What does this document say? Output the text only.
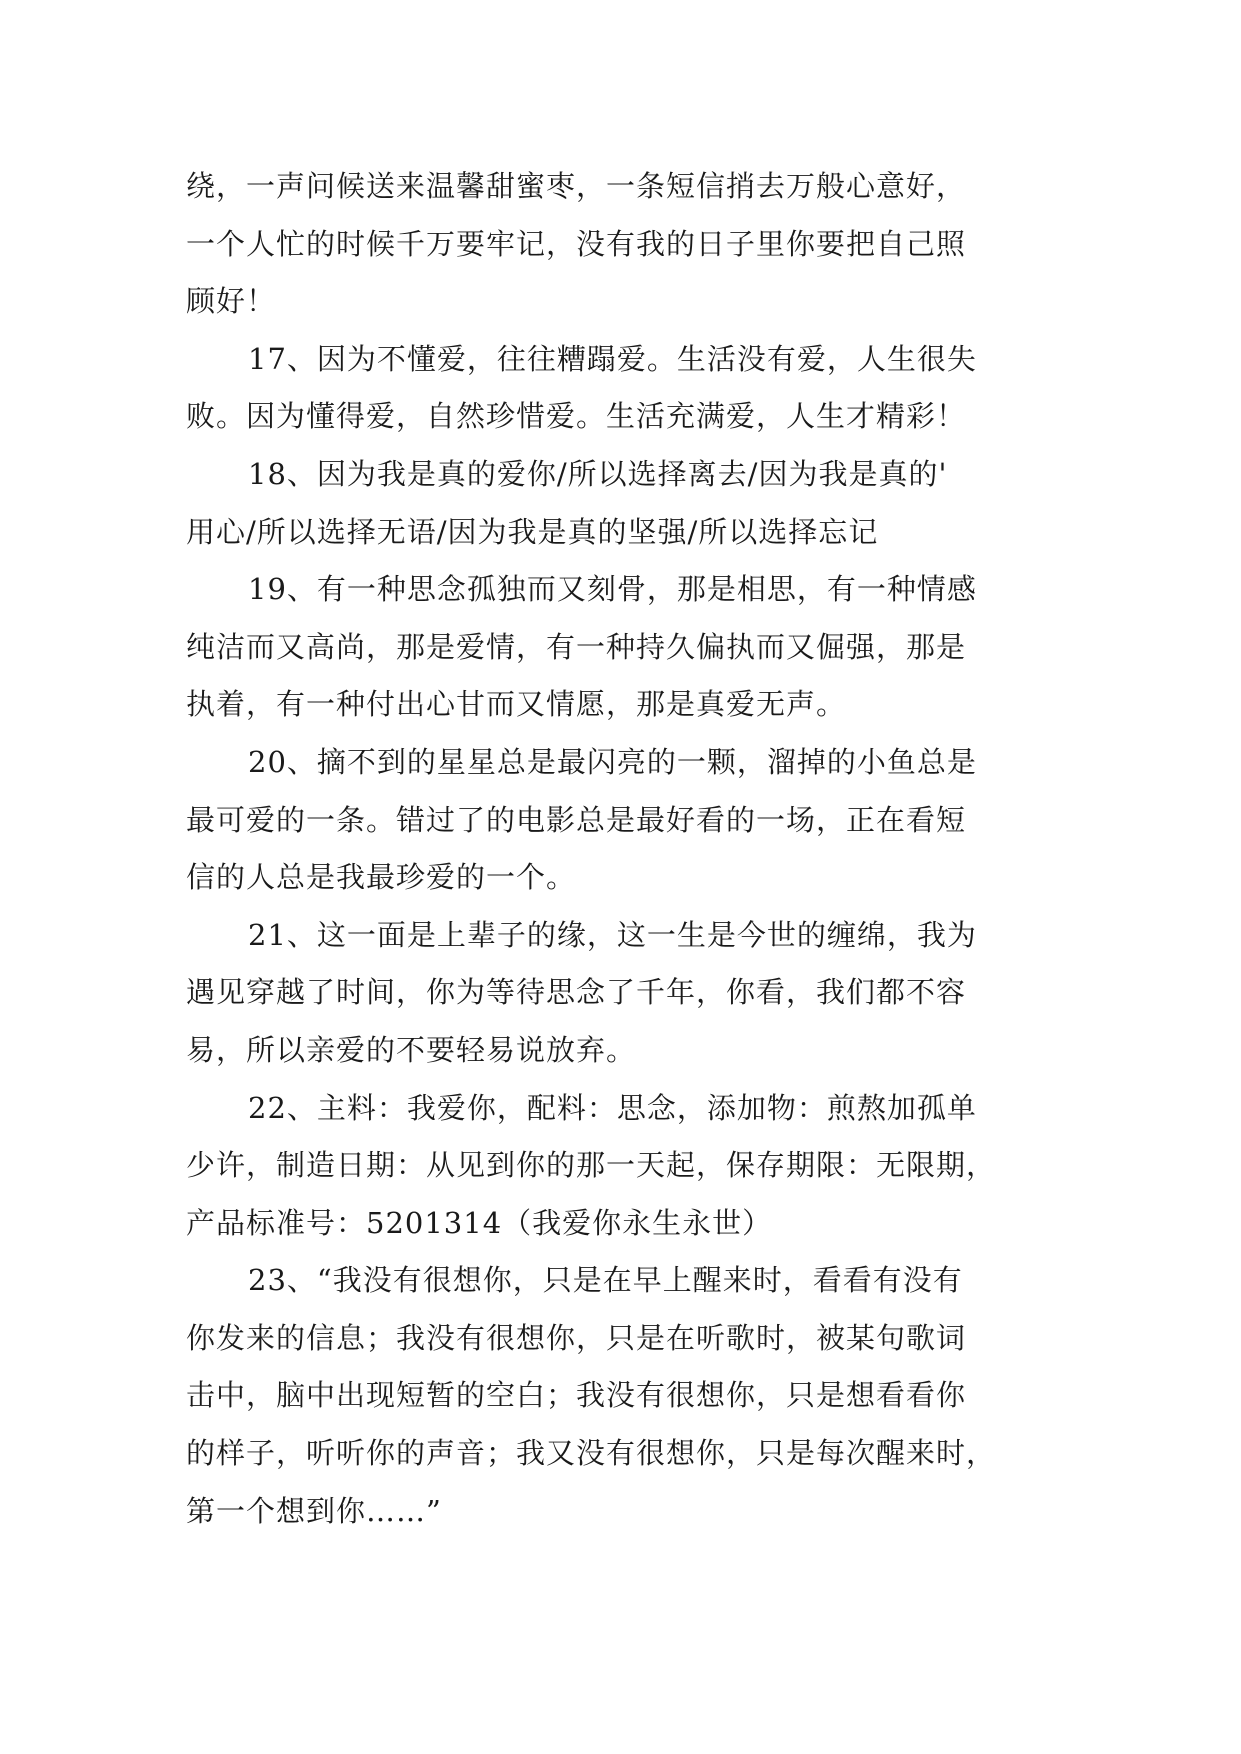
绕，一声问候送来温馨甜蜜枣，一条短信捎去万般心意好，
一个人忙的时候千万要牢记，没有我的日子里你要把自己照
顾好！
17、因为不懂爱，往往糟蹋爱。生活没有爱，人生很失
败。因为懂得爱，自然珍惜爱。生活充满爱，人生才精彩！
18、因为我是真的爱你/所以选择离去/因为我是真的'
用心/所以选择无语/因为我是真的坚强/所以选择忘记
19、有一种思念孤独而又刻骨，那是相思，有一种情感
纯洁而又高尚，那是爱情，有一种持久偏执而又倔强，那是
执着，有一种付出心甘而又情愿，那是真爱无声。
20、摘不到的星星总是最闪亮的一颗，溜掉的小鱼总是
最可爱的一条。错过了的电影总是最好看的一场，正在看短
信的人总是我最珍爱的一个。
21、这一面是上辈子的缘，这一生是今世的缠绵，我为
遇见穿越了时间，你为等待思念了千年，你看，我们都不容
易，所以亲爱的不要轻易说放弃。
22、主料：我爱你，配料：思念，添加物：煎熬加孤单
少许，制造日期：从见到你的那一天起，保存期限：无限期，
产品标准号：5201314（我爱你永生永世）
23、“我没有很想你，只是在早上醒来时，看看有没有
你发来的信息；我没有很想你，只是在听歌时，被某句歌词
击中，脑中出现短暂的空白；我没有很想你，只是想看看你
的样子，听听你的声音；我又没有很想你，只是每次醒来时，
第一个想到你……”
